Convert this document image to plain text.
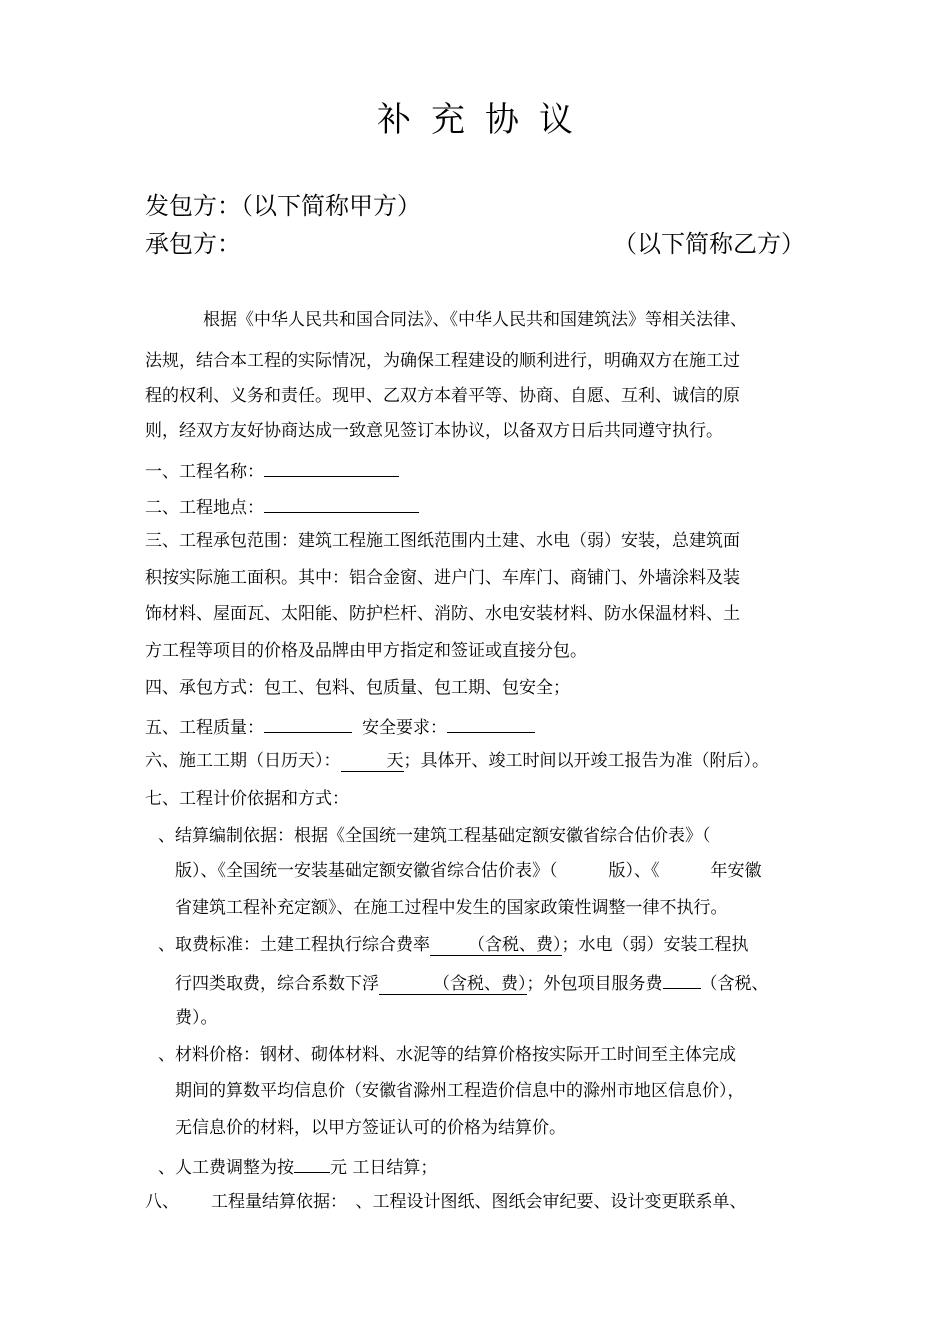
补充协议
发包方：（以下简称甲方）
承包方：	（以下简称乙方）
根据《中华人民共和国合同法》、《中华人民共和国建筑法》等相关法律、
法规，结合本工程的实际情况，为确保工程建设的顺利进行，明确双方在施工过
程的权利、义务和责任。现甲、乙双方本着平等、协商、自愿、互利、诚信的原
则，经双方友好协商达成一致意见签订本协议，以备双方日后共同遵守执行。
一、工程名称：
二、工程地点：
三、工程承包范围：建筑工程施工图纸范围内土建、水电（弱）安装，总建筑面
积按实际施工面积。其中：铝合金窗、进户门、车库门、商铺门、外墙涂料及装
饰材料、屋面瓦、太阳能、防护栏杆、消防、水电安装材料、防水保温材料、土
方工程等项目的价格及品牌由甲方指定和签证或直接分包。
四、承包方式：包工、包料、包质量、包工期、包安全；
五、工程质量：	安全要求：
六、施工工期（日历天）：	天；具体开、竣工时间以开竣工报告为准（附后）。
七、工程计价依据和方式：
、结算编制依据：根据《全国统一建筑工程基础定额安徽省综合估价表》（
版）、《全国统一安装基础定额安徽省综合估价表》（　　　版）、《　　　年安徽
省建筑工程补充定额》、在施工过程中发生的国家政策性调整一律不执行。
、取费标准：土建工程执行综合费率 （含税、费）；水电（弱）安装工程执
行四类取费，综合系数下浮	（含税、费）；外包项目服务费 （含税、
费）。
、材料价格：钢材、砌体材料、水泥等的结算价格按实际开工时间至主体完成
期间的算数平均信息价（安徽省滁州工程造价信息中的滁州市地区信息价），
无信息价的材料，以甲方签证认可的价格为结算价。
、人工费调整为按 元 工日结算；
八、 工程量结算依据：　、工程设计图纸、图纸会审纪要、设计变更联系单、
